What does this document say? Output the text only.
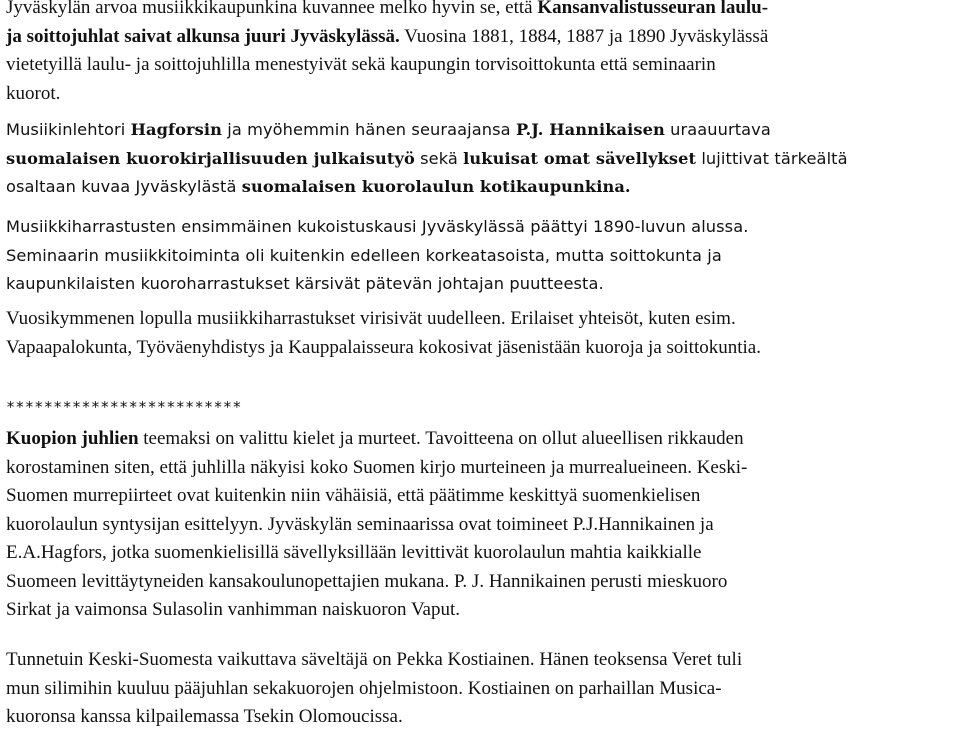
Jyväskylän arvoa musiikkikaupunkina kuvannee melko hyvin se, että Kansanvalistusseuran laulu-
ja soittojuhlat saivat alkunsa juuri Jyväskylässä. Vuosina 1881, 1884, 1887 ja 1890 Jyväskylässä
vietetyillä laulu- ja soittojuhlilla menestyivät sekä kaupungin torvisoittokunta että seminaarin
kuorot.

Musiikinlehtori Hagforsin ja myöhemmin hänen seuraajansa P.J. Hannikaisen uraauurtava
suomalaisen kuorokirjallisuuden julkaisutyö sekä lukuisat omat sävellykset lujittivat tärkeältä
osaltaan kuvaa Jyväskylästä suomalaisen kuorolaulun kotikaupunkina.

Musiikkiharrastusten ensimmäinen kukoistuskausi Jyväskylässä päättyi 1890-luvun alussa.
Seminaarin musiikkitoiminta oli kuitenkin edelleen korkeatasoista, mutta soittokunta ja
kaupunkilaisten kuoroharrastukset kärsivät pätevän johtajan puutteesta.

Vuosikymmenen lopulla musiikkiharrastukset virisivät uudelleen. Erilaiset yhteisöt, kuten esim.
Vapaapalokunta, Työväenyhdistys ja Kauppalaisseura kokosivat jäsenistään kuoroja ja soittokuntia.

*************************

Kuopion juhlien teemaksi on valittu kielet ja murteet. Tavoitteena on ollut alueellisen rikkauden
korostaminen siten, että juhlilla näkyisi koko Suomen kirjo murteineen ja murrealueineen. Keski-
Suomen murrepiirteet ovat kuitenkin niin vähäisiä, että päätimme keskittyä suomenkielisen
kuorolaulun syntysijan esittelyyn. Jyväskylän seminaarissa ovat toimineet P.J.Hannikainen ja
E.A.Hagfors, jotka suomenkielisillä sävellyksillään levittivät kuorolaulun mahtia kaikkialle
Suomeen levittäytyneiden kansakoulunopettajien mukana. P. J. Hannikainen perusti mieskuoro
Sirkat ja vaimonsa Sulasolin vanhimman naiskuoron Vaput.

Tunnetuin Keski-Suomesta vaikuttava säveltäjä on Pekka Kostiainen. Hänen teoksensa Veret tuli
mun silimihin kuuluu pääjuhlan sekakuorojen ohjelmistoon. Kostiainen on parhaillan Musica-
kuoronsa kanssa kilpailemassa Tsekin Olomoucissa.
